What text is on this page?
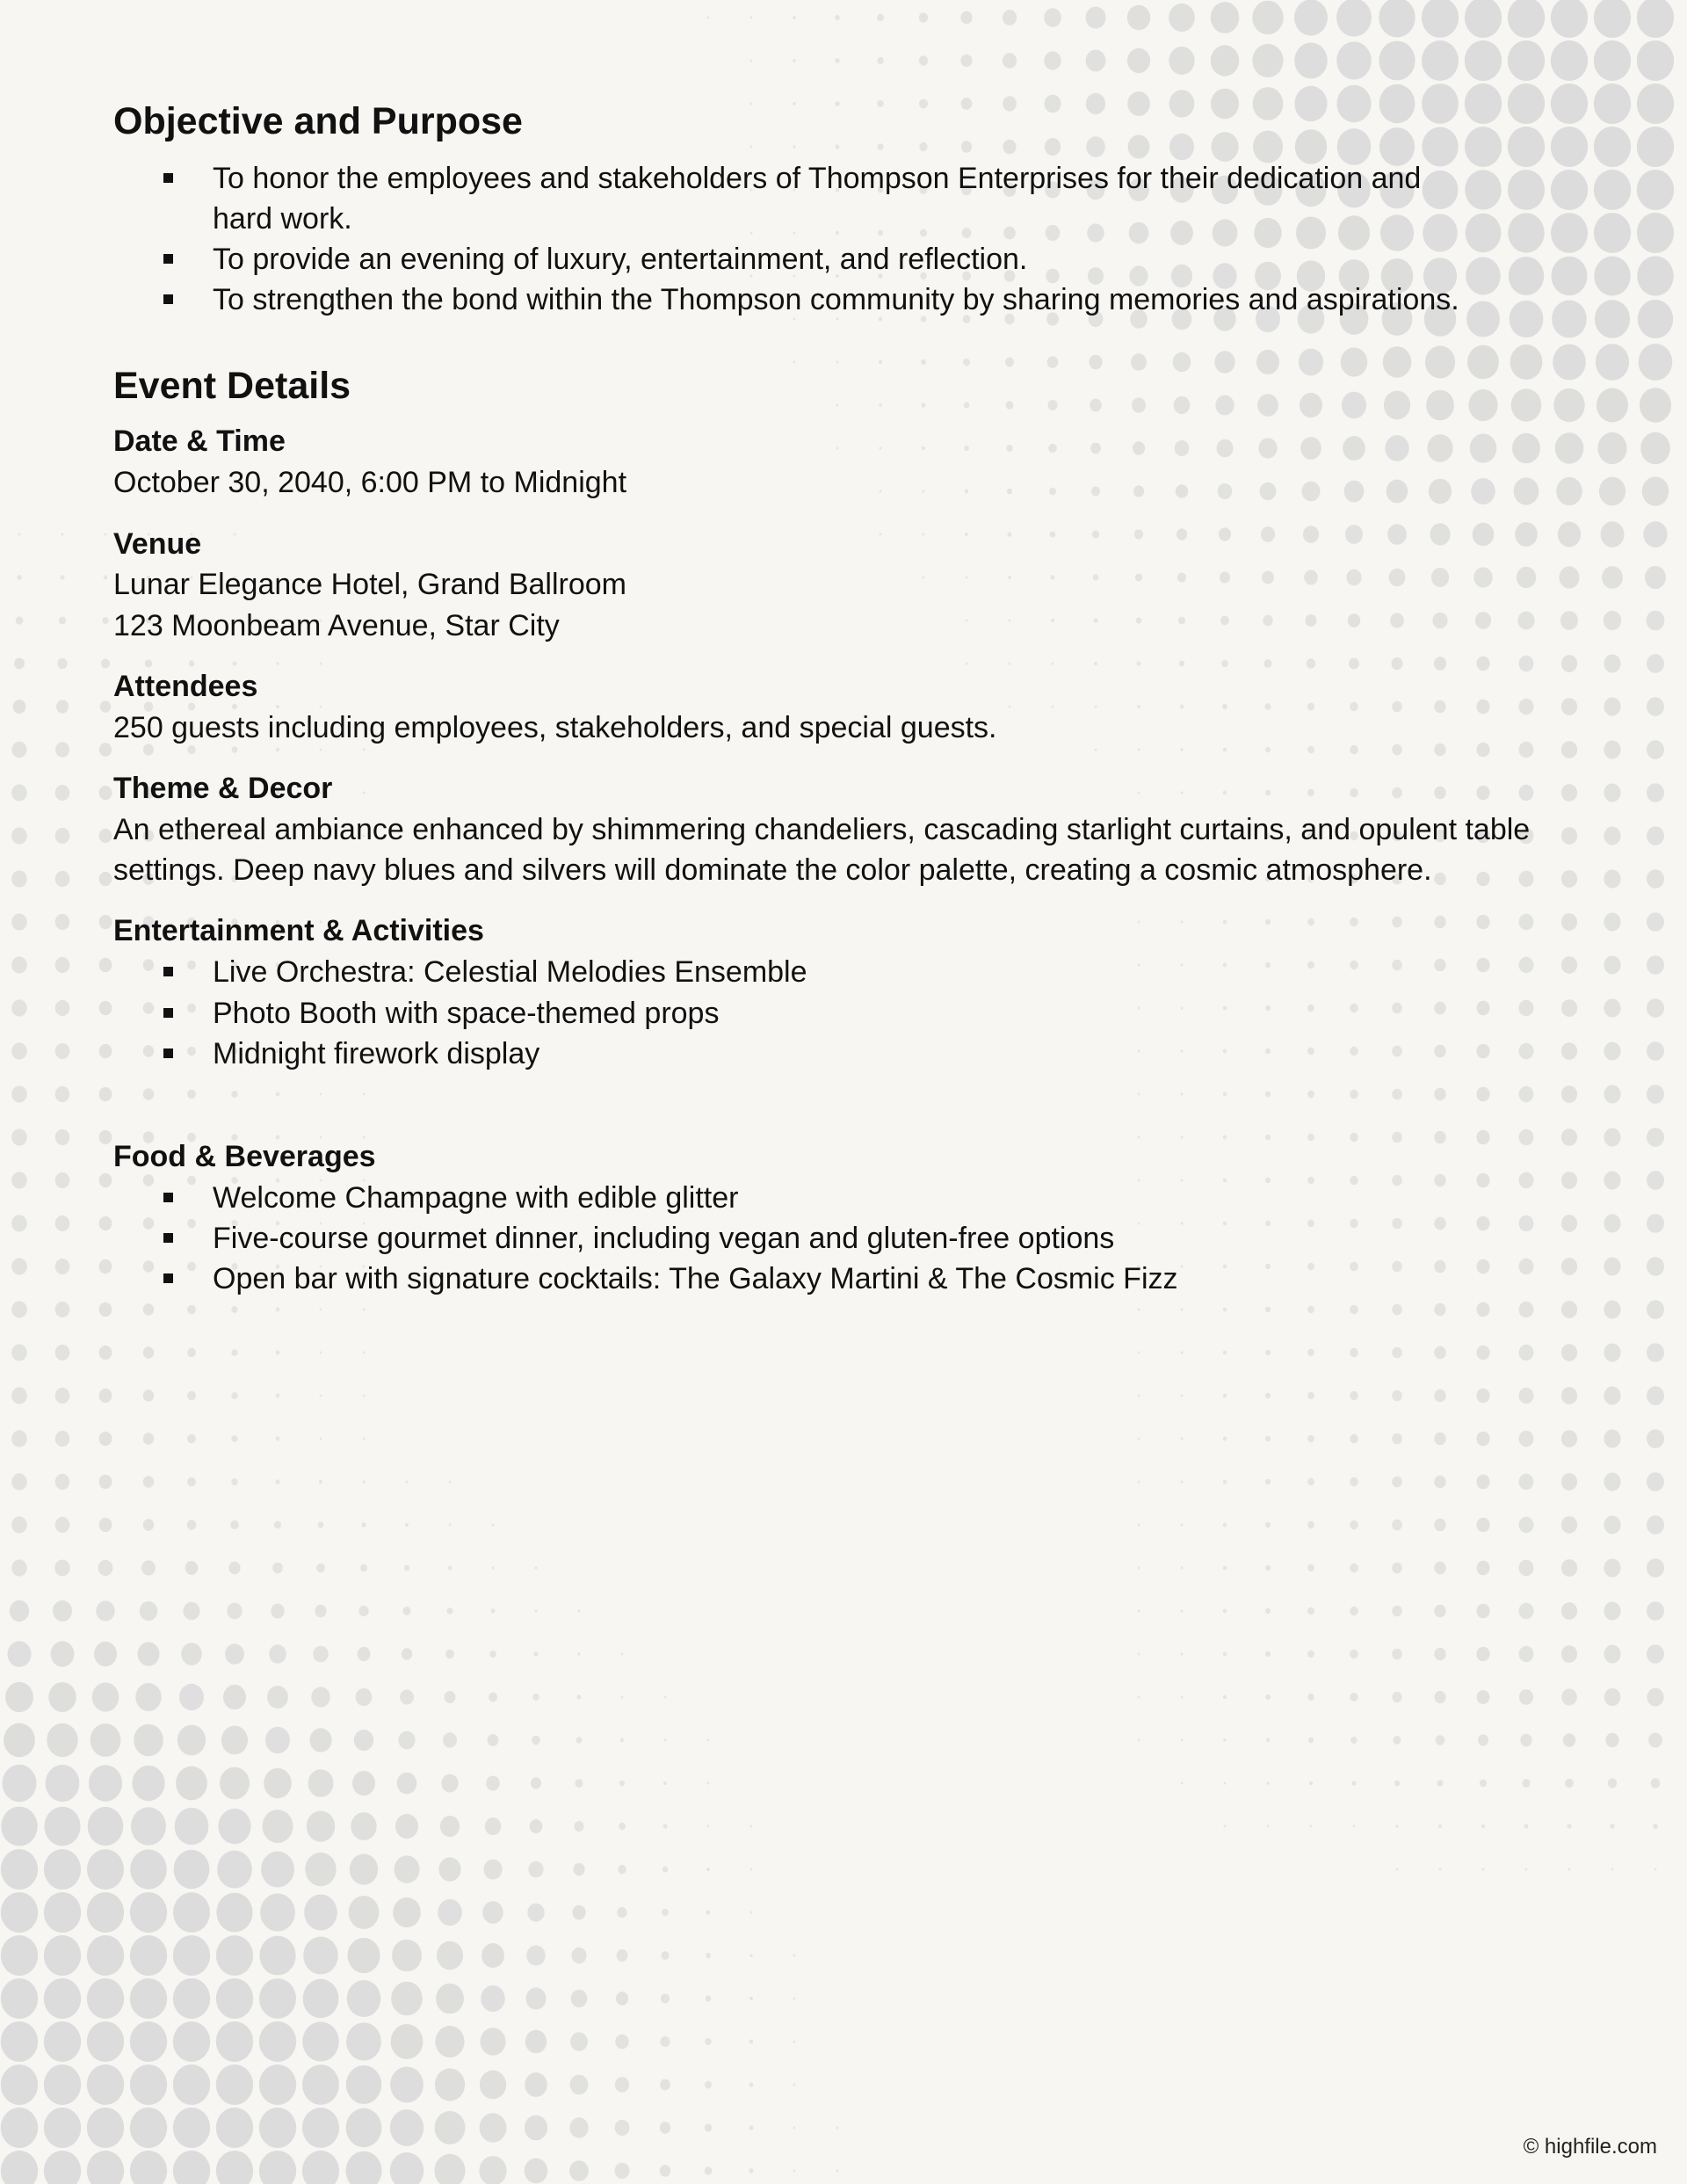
Objective and Purpose
To honor the employees and stakeholders of Thompson Enterprises for their dedication and hard work.
To provide an evening of luxury, entertainment, and reflection.
To strengthen the bond within the Thompson community by sharing memories and aspirations.
Event Details
Date & Time

October 30, 2040, 6:00 PM to Midnight

Venue

Lunar Elegance Hotel, Grand Ballroom

123 Moonbeam Avenue, Star City

Attendees

250 guests including employees, stakeholders, and special guests.

Theme & Decor

An ethereal ambiance enhanced by shimmering chandeliers, cascading starlight curtains, and opulent table settings. Deep navy blues and silvers will dominate the color palette, creating a cosmic atmosphere.

Entertainment & Activities
Live Orchestra: Celestial Melodies Ensemble
Photo Booth with space-themed props
Midnight firework display
Food & Beverages
Welcome Champagne with edible glitter
Five-course gourmet dinner, including vegan and gluten-free options
Open bar with signature cocktails: The Galaxy Martini & The Cosmic Fizz
© highfile.com
